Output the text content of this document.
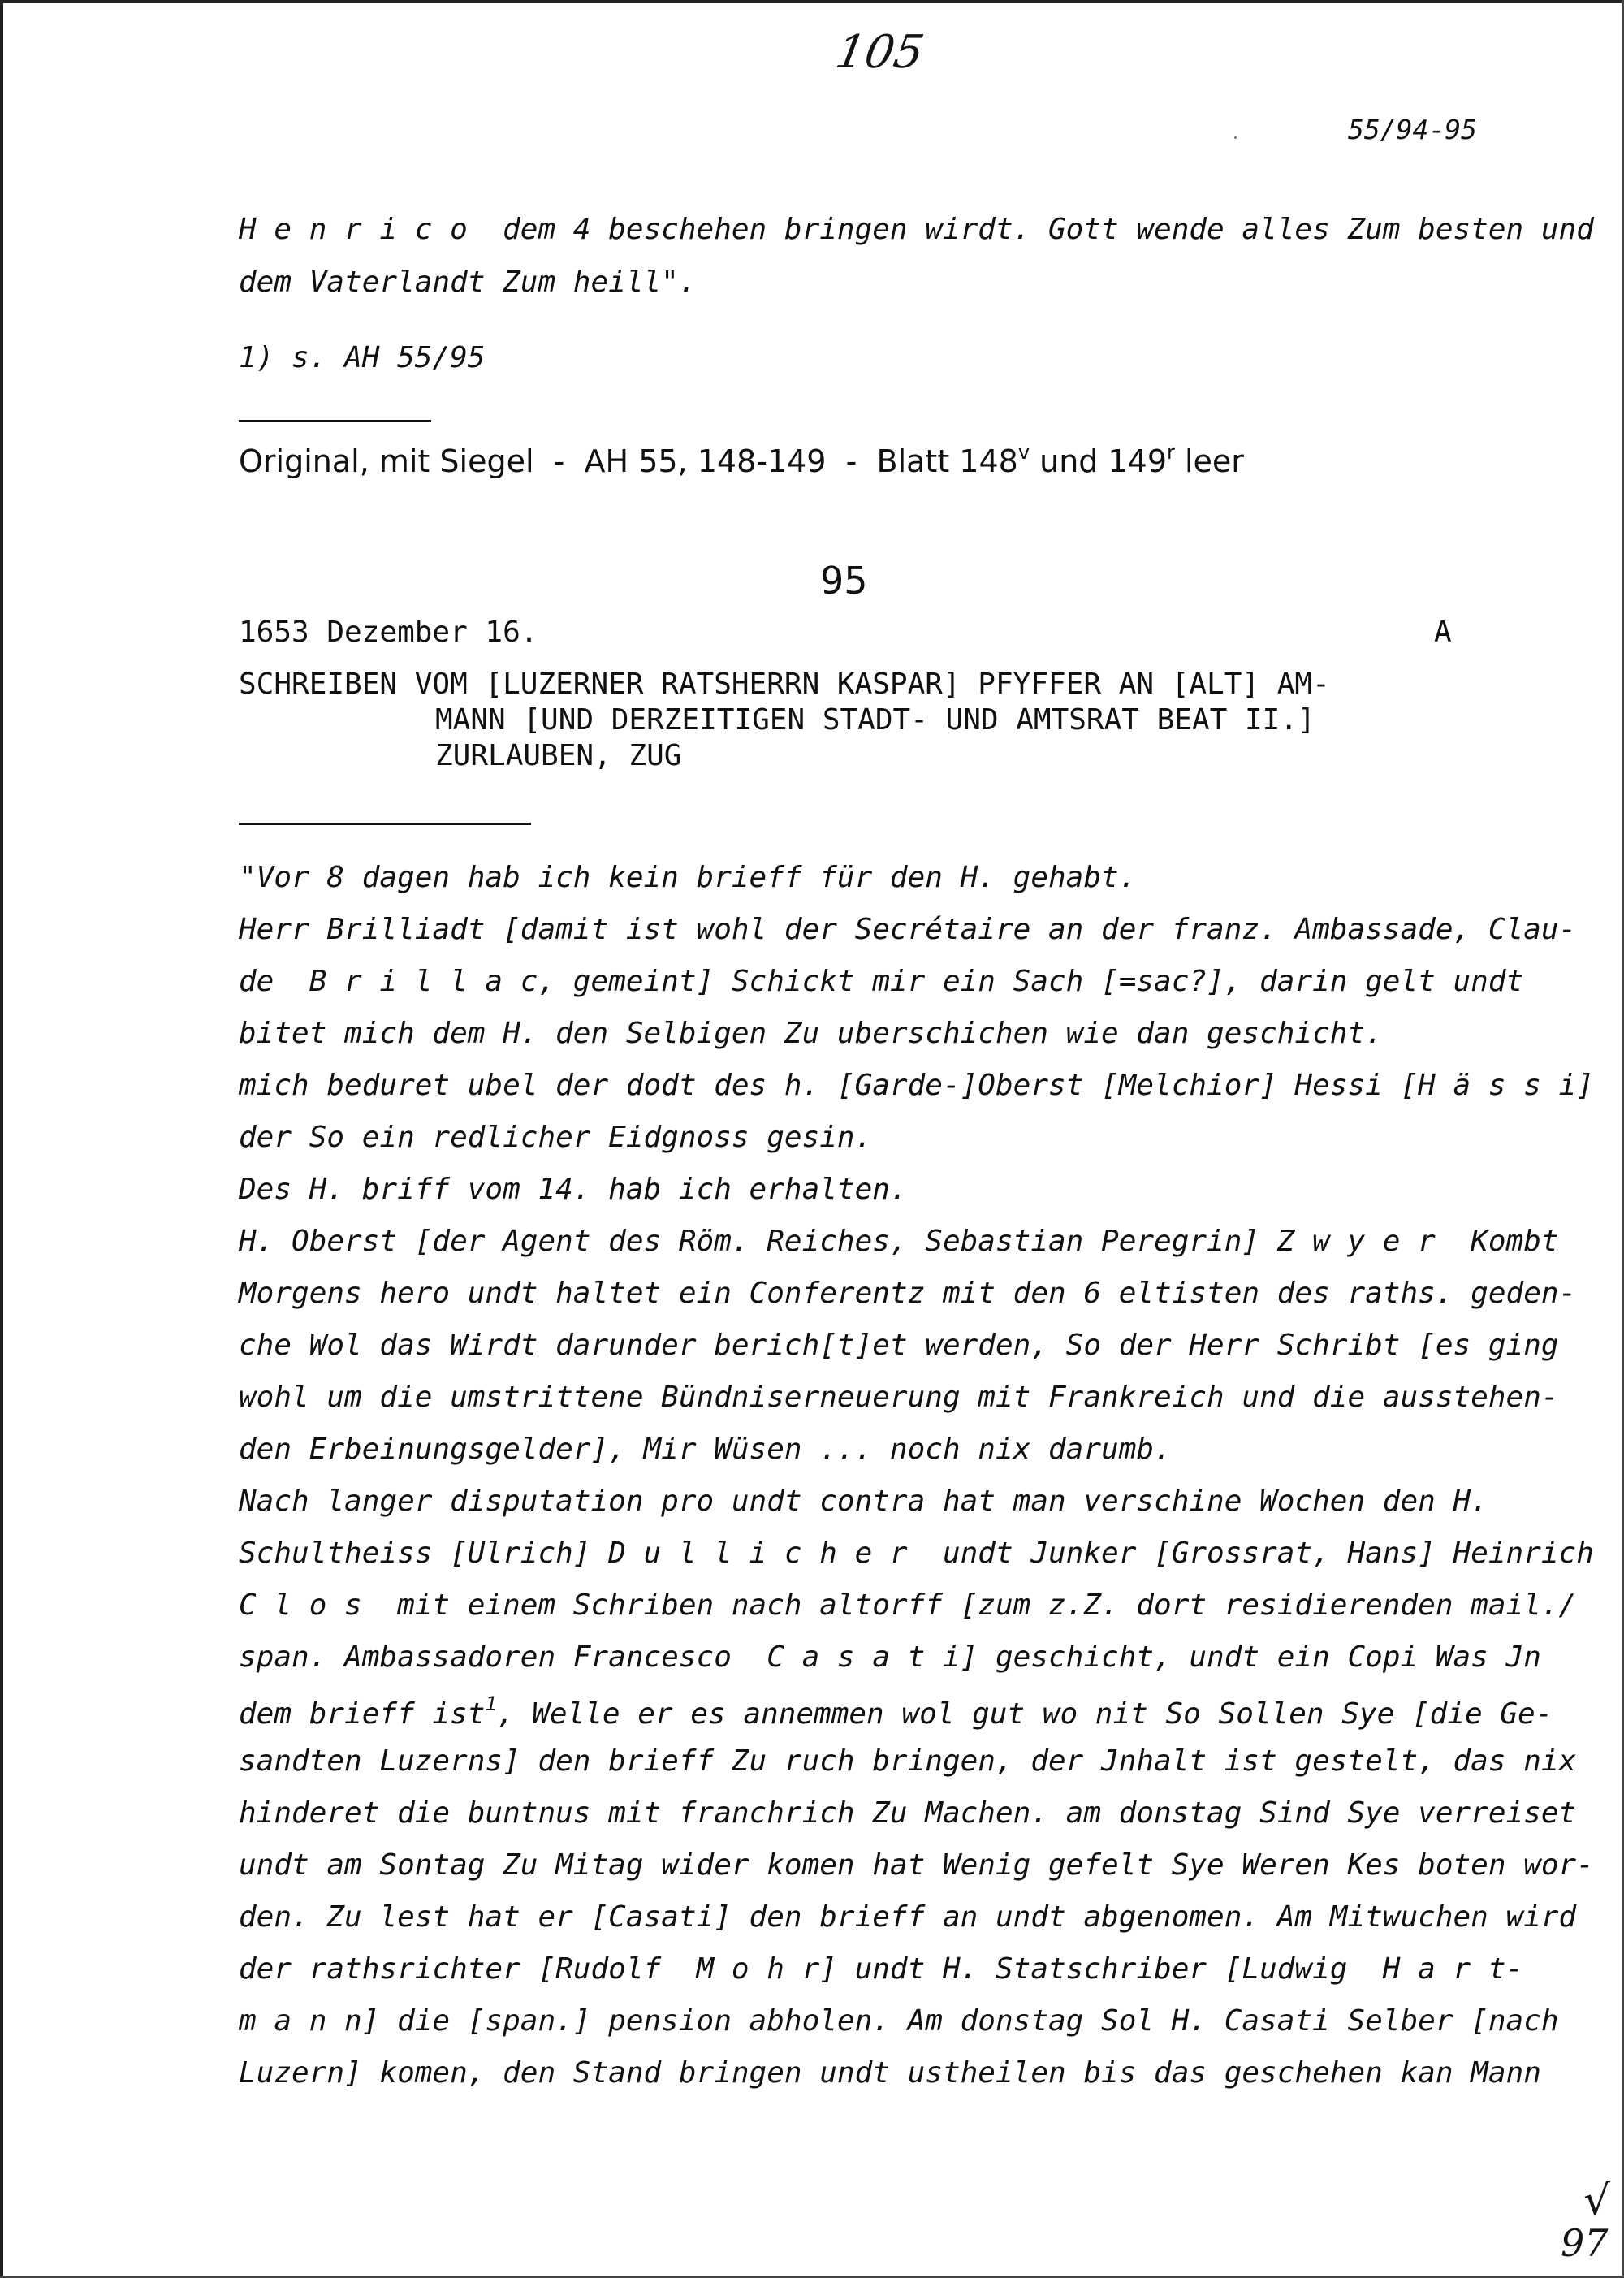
105
55/94-95
H e n r i c o  dem 4 beschehen bringen wirdt. Gott wende alles Zum besten und
dem Vaterlandt Zum heill".
1) s. AH 55/95
Original, mit Siegel  -  AH 55, 148-149  -  Blatt 148$^v$ und 149$^r$ leer
95
1653 Dezember 16.	A
SCHREIBEN VOM [LUZERNER RATSHERRN KASPAR] PFYFFER AN [ALT] AM-
MANN [UND DERZEITIGEN STADT- UND AMTSRAT BEAT II.]
ZURLAUBEN, ZUG
"Vor 8 dagen hab ich kein brieff für den H. gehabt.
Herr Brilliadt [damit ist wohl der Secrétaire an der franz. Ambassade, Clau-
de  B r i l l a c, gemeint] Schickt mir ein Sach [=sac?], darin gelt undt
bitet mich dem H. den Selbigen Zu uberschichen wie dan geschicht.
mich beduret ubel der dodt des h. [Garde-]Oberst [Melchior] Hessi [H ä s s i]
der So ein redlicher Eidgnoss gesin.
Des H. briff vom 14. hab ich erhalten.
H. Oberst [der Agent des Röm. Reiches, Sebastian Peregrin] Z w y e r  Kombt
Morgens hero undt haltet ein Conferentz mit den 6 eltisten des raths. geden-
che Wol das Wirdt darunder berich[t]et werden, So der Herr Schribt [es ging
wohl um die umstrittene Bündniserneuerung mit Frankreich und die ausstehen-
den Erbeinungsgelder], Mir Wüsen ... noch nix darumb.
Nach langer disputation pro undt contra hat man verschine Wochen den H.
Schultheiss [Ulrich] D u l l i c h e r  undt Junker [Grossrat, Hans] Heinrich
C l o s  mit einem Schriben nach altorff [zum z.Z. dort residierenden mail./
span. Ambassadoren Francesco  C a s a t i] geschicht, undt ein Copi Was Jn
dem brieff ist$^1$, Welle er es annemmen wol gut wo nit So Sollen Sye [die Ge-
sandten Luzerns] den brieff Zu ruch bringen, der Jnhalt ist gestelt, das nix
hinderet die buntnus mit franchrich Zu Machen. am donstag Sind Sye verreiset
undt am Sontag Zu Mitag wider komen hat Wenig gefelt Sye Weren Kes boten wor-
den. Zu lest hat er [Casati] den brieff an undt abgenomen. Am Mitwuchen wird
der rathsrichter [Rudolf  M o h r] undt H. Statschriber [Ludwig  H a r t-
m a n n] die [span.] pension abholen. Am donstag Sol H. Casati Selber [nach
Luzern] komen, den Stand bringen undt ustheilen bis das geschehen kan Mann
√
97
